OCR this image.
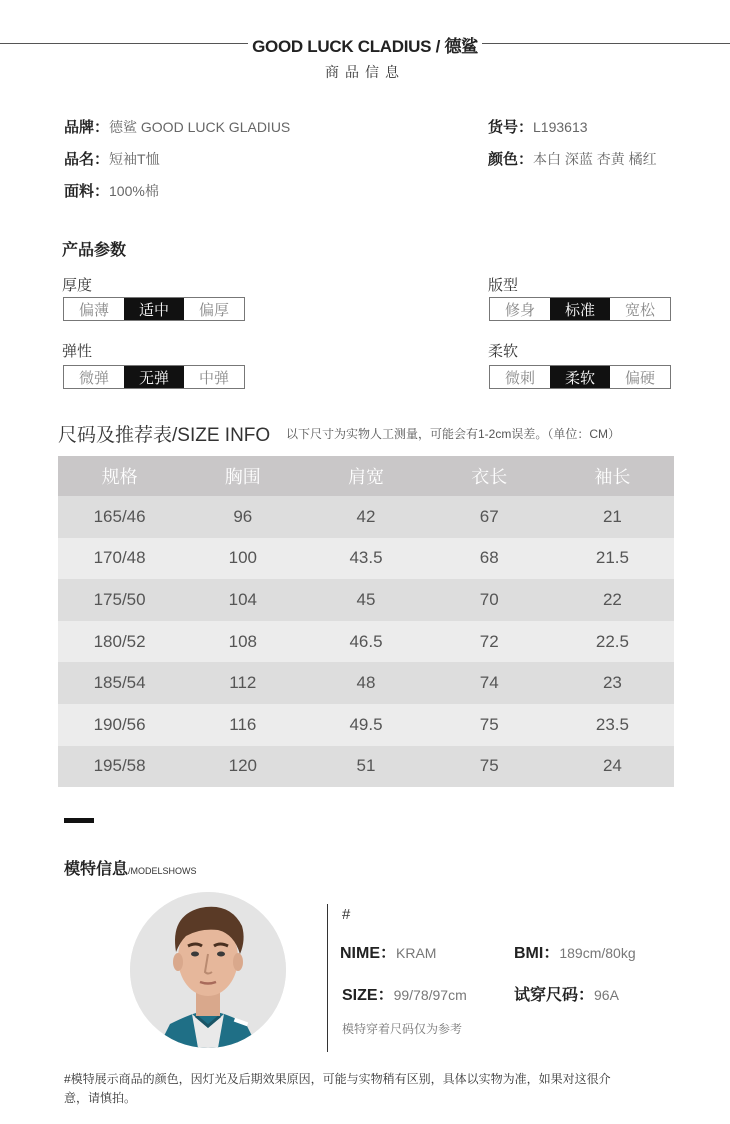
GOOD LUCK CLADIUS / 德鲨
商品信息
品牌：德鲨 GOOD LUCK GLADIUS
品名：短袖T恤
面料：100%棉
货号：L193613
颜色：本白 深蓝 杏黄 橘红
产品参数
厚度
偏薄	适中	偏厚
版型
修身	标准	宽松
弹性
微弹	无弹	中弹
柔软
微刺	柔软	偏硬
尺码及推荐表/SIZE INFO 以下尺寸为实物人工测量，可能会有1-2cm误差。（单位：CM）
规格	胸围	肩宽	衣长	袖长
165/46	96	42	67	21
170/48	100	43.5	68	21.5
175/50	104	45	70	22
180/52	108	46.5	72	22.5
185/54	112	48	74	23
190/56	116	49.5	75	23.5
195/58	120	51	75	24
模特信息/MODELSHOWS
#
NIME：KRAM	BMI：189cm/80kg
SIZE：99/78/97cm	试穿尺码：96A
模特穿着尺码仅为参考
#模特展示商品的颜色，因灯光及后期效果原因，可能与实物稍有区别，具体以实物为准，如果对这很介意，请慎拍。
